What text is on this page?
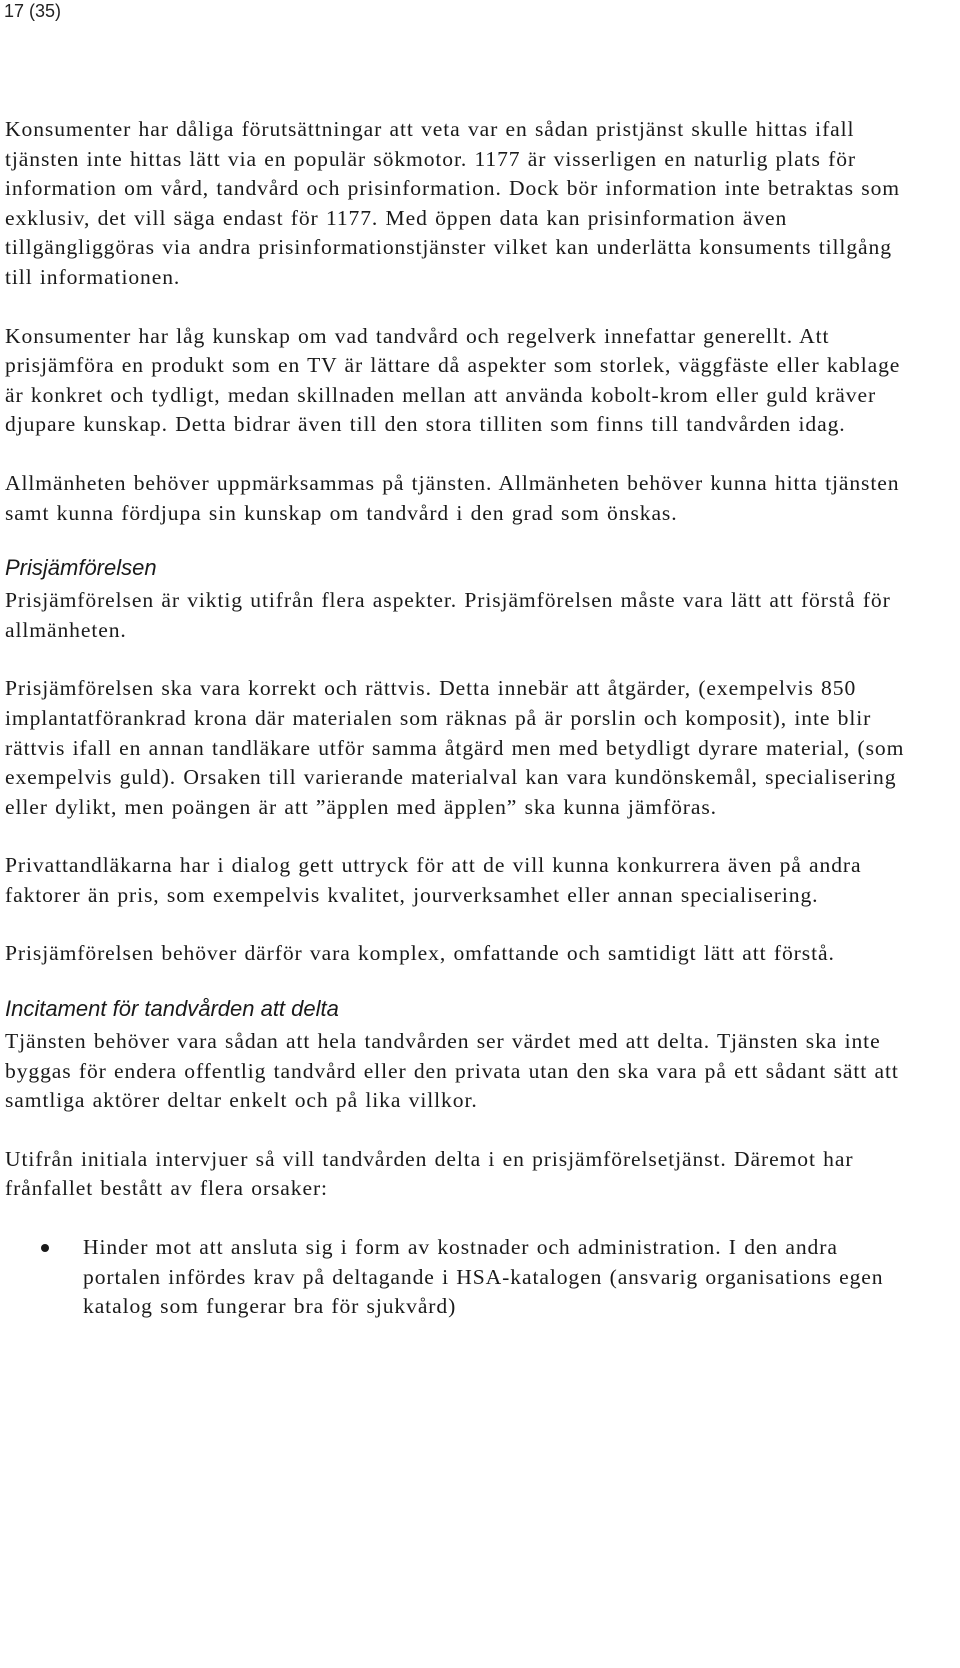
17 (35)

Konsumenter har dåliga förutsättningar att veta var en sådan pristjänst skulle hittas ifall tjänsten inte hittas lätt via en populär sökmotor. 1177 är visserligen en naturlig plats för information om vård, tandvård och prisinformation. Dock bör information inte betraktas som exklusiv, det vill säga endast för 1177. Med öppen data kan prisinformation även tillgängliggöras via andra prisinformationstjänster vilket kan underlätta konsuments tillgång till informationen.

Konsumenter har låg kunskap om vad tandvård och regelverk innefattar generellt. Att prisjämföra en produkt som en TV är lättare då aspekter som storlek, väggfäste eller kablage är konkret och tydligt, medan skillnaden mellan att använda kobolt-krom eller guld kräver djupare kunskap. Detta bidrar även till den stora tilliten som finns till tandvården idag.

Allmänheten behöver uppmärksammas på tjänsten. Allmänheten behöver kunna hitta tjänsten samt kunna fördjupa sin kunskap om tandvård i den grad som önskas.

Prisjämförelsen

Prisjämförelsen är viktig utifrån flera aspekter. Prisjämförelsen måste vara lätt att förstå för allmänheten.

Prisjämförelsen ska vara korrekt och rättvis. Detta innebär att åtgärder, (exempelvis 850 implantatförankrad krona där materialen som räknas på är porslin och komposit), inte blir rättvis ifall en annan tandläkare utför samma åtgärd men med betydligt dyrare material, (som exempelvis guld). Orsaken till varierande materialval kan vara kundönskemål, specialisering eller dylikt, men poängen är att ”äpplen med äpplen” ska kunna jämföras.

Privattandläkarna har i dialog gett uttryck för att de vill kunna konkurrera även på andra faktorer än pris, som exempelvis kvalitet, jourverksamhet eller annan specialisering.

Prisjämförelsen behöver därför vara komplex, omfattande och samtidigt lätt att förstå.

Incitament för tandvården att delta

Tjänsten behöver vara sådan att hela tandvården ser värdet med att delta. Tjänsten ska inte byggas för endera offentlig tandvård eller den privata utan den ska vara på ett sådant sätt att samtliga aktörer deltar enkelt och på lika villkor.

Utifrån initiala intervjuer så vill tandvården delta i en prisjämförelsetjänst. Däremot har frånfallet bestått av flera orsaker:

Hinder mot att ansluta sig i form av kostnader och administration. I den andra portalen infördes krav på deltagande i HSA-katalogen (ansvarig organisations egen katalog som fungerar bra för sjukvård)
